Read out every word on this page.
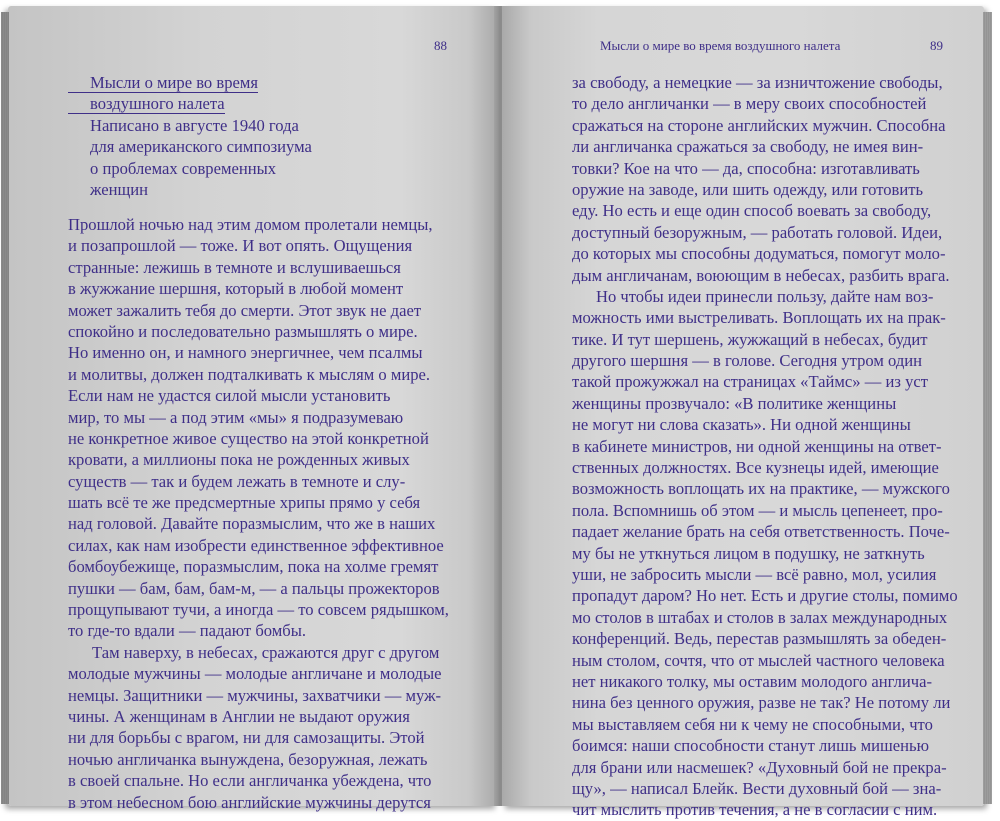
88
Мысли о мире во время
воздушного налета
Написано в августе 1940 года
для американского симпозиума
о проблемах современных
женщин
Прошлой ночью над этим домом пролетали немцы,
и позапрошлой — тоже. И вот опять. Ощущения
странные: лежишь в темноте и вслушиваешься
в жужжание шершня, который в любой момент
может зажалить тебя до смерти. Этот звук не дает
спокойно и последовательно размышлять о мире.
Но именно он, и намного энергичнее, чем псалмы
и молитвы, должен подталкивать к мыслям о мире.
Если нам не удастся силой мысли установить
мир, то мы — а под этим «мы» я подразумеваю
не конкретное живое существо на этой конкретной
кровати, а миллионы пока не рожденных живых
существ — так и будем лежать в темноте и слу-
шать всё те же предсмертные хрипы прямо у себя
над головой. Давайте поразмыслим, что же в наших
силах, как нам изобрести единственное эффективное
бомбоубежище, поразмыслим, пока на холме гремят
пушки — бам, бам, бам-м, — а пальцы прожекторов
прощупывают тучи, а иногда — то совсем рядышком,
то где-то вдали — падают бомбы.
Там наверху, в небесах, сражаются друг с другом
молодые мужчины — молодые англичане и молодые
немцы. Защитники — мужчины, захватчики — муж-
чины. А женщинам в Англии не выдают оружия
ни для борьбы с врагом, ни для самозащиты. Этой
ночью англичанка вынуждена, безоружная, лежать
в своей спальне. Но если англичанка убеждена, что
в этом небесном бою английские мужчины дерутся
Мысли о мире во время воздушного налета	89
за свободу, а немецкие — за изничтожение свободы,
то дело англичанки — в меру своих способностей
сражаться на стороне английских мужчин. Способна
ли англичанка сражаться за свободу, не имея вин-
товки? Кое на что — да, способна: изготавливать
оружие на заводе, или шить одежду, или готовить
еду. Но есть и еще один способ воевать за свободу,
доступный безоружным, — работать головой. Идеи,
до которых мы способны додуматься, помогут моло-
дым англичанам, воюющим в небесах, разбить врага.
Но чтобы идеи принесли пользу, дайте нам воз-
можность ими выстреливать. Воплощать их на прак-
тике. И тут шершень, жужжащий в небесах, будит
другого шершня — в голове. Сегодня утром один
такой прожужжал на страницах «Таймс» — из уст
женщины прозвучало: «В политике женщины
не могут ни слова сказать». Ни одной женщины
в кабинете министров, ни одной женщины на ответ-
ственных должностях. Все кузнецы идей, имеющие
возможность воплощать их на практике, — мужского
пола. Вспомнишь об этом — и мысль цепенеет, про-
падает желание брать на себя ответственность. Поче-
му бы не уткнуться лицом в подушку, не заткнуть
уши, не забросить мысли — всё равно, мол, усилия
пропадут даром? Но нет. Есть и другие столы, помимо
мо столов в штабах и столов в залах международных
конференций. Ведь, перестав размышлять за обеден-
ным столом, сочтя, что от мыслей частного человека
нет никакого толку, мы оставим молодого англича-
нина без ценного оружия, разве не так? Не потому ли
мы выставляем себя ни к чему не способными, что
боимся: наши способности станут лишь мишенью
для брани или насмешек? «Духовный бой не прекра-
щу», — написал Блейк. Вести духовный бой — зна-
чит мыслить против течения, а не в согласии с ним.
